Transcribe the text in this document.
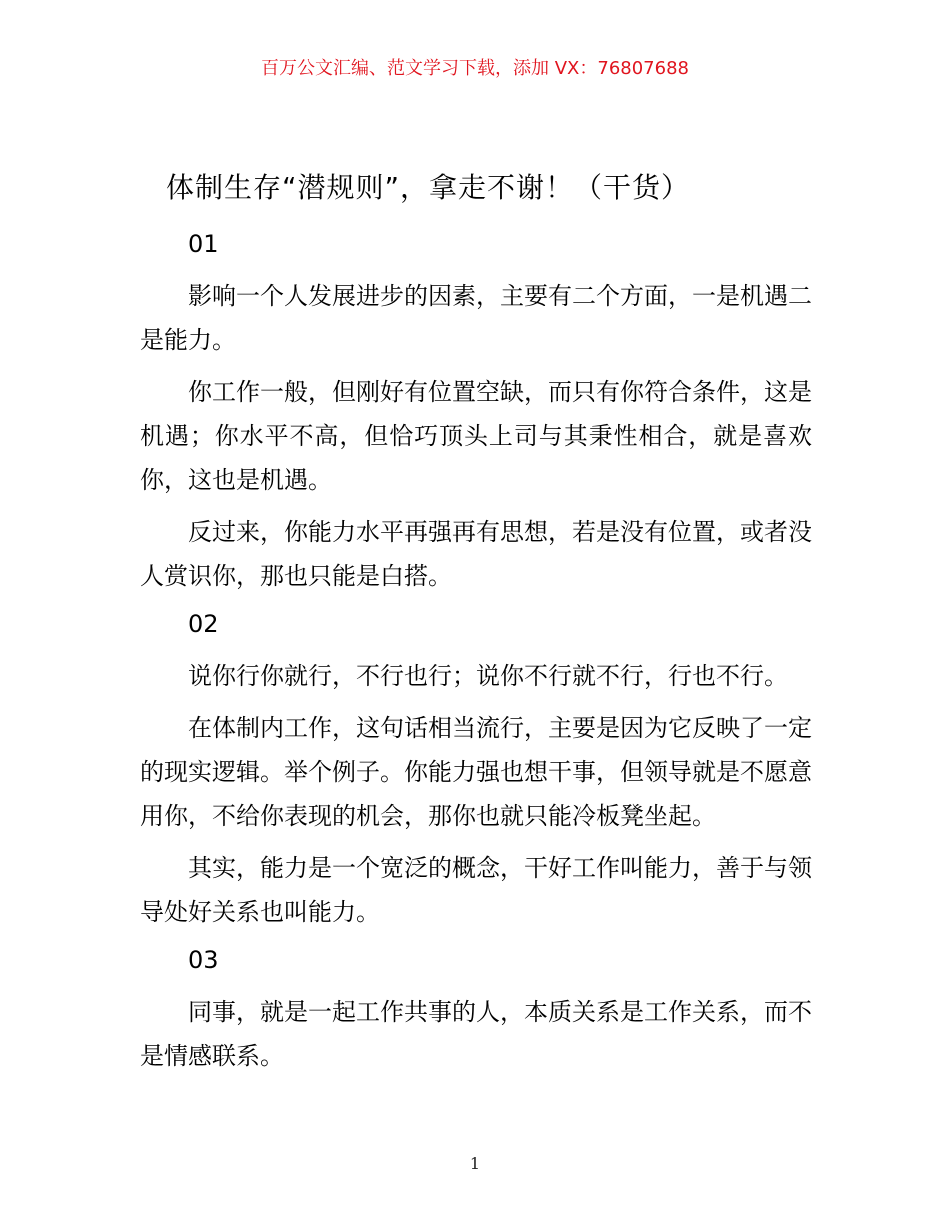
百万公文汇编、范文学习下载，添加 VX：76807688
体制生存“潜规则”，拿走不谢！（干货）
01

影响一个人发展进步的因素，主要有二个方面，一是机遇二是能力。

你工作一般，但刚好有位置空缺，而只有你符合条件，这是机遇；你水平不高，但恰巧顶头上司与其秉性相合，就是喜欢你，这也是机遇。

反过来，你能力水平再强再有思想，若是没有位置，或者没人赏识你，那也只能是白搭。

02

说你行你就行，不行也行；说你不行就不行，行也不行。

在体制内工作，这句话相当流行，主要是因为它反映了一定的现实逻辑。举个例子。你能力强也想干事，但领导就是不愿意用你，不给你表现的机会，那你也就只能冷板凳坐起。

其实，能力是一个宽泛的概念，干好工作叫能力，善于与领导处好关系也叫能力。

03

同事，就是一起工作共事的人，本质关系是工作关系，而不是情感联系。

1
